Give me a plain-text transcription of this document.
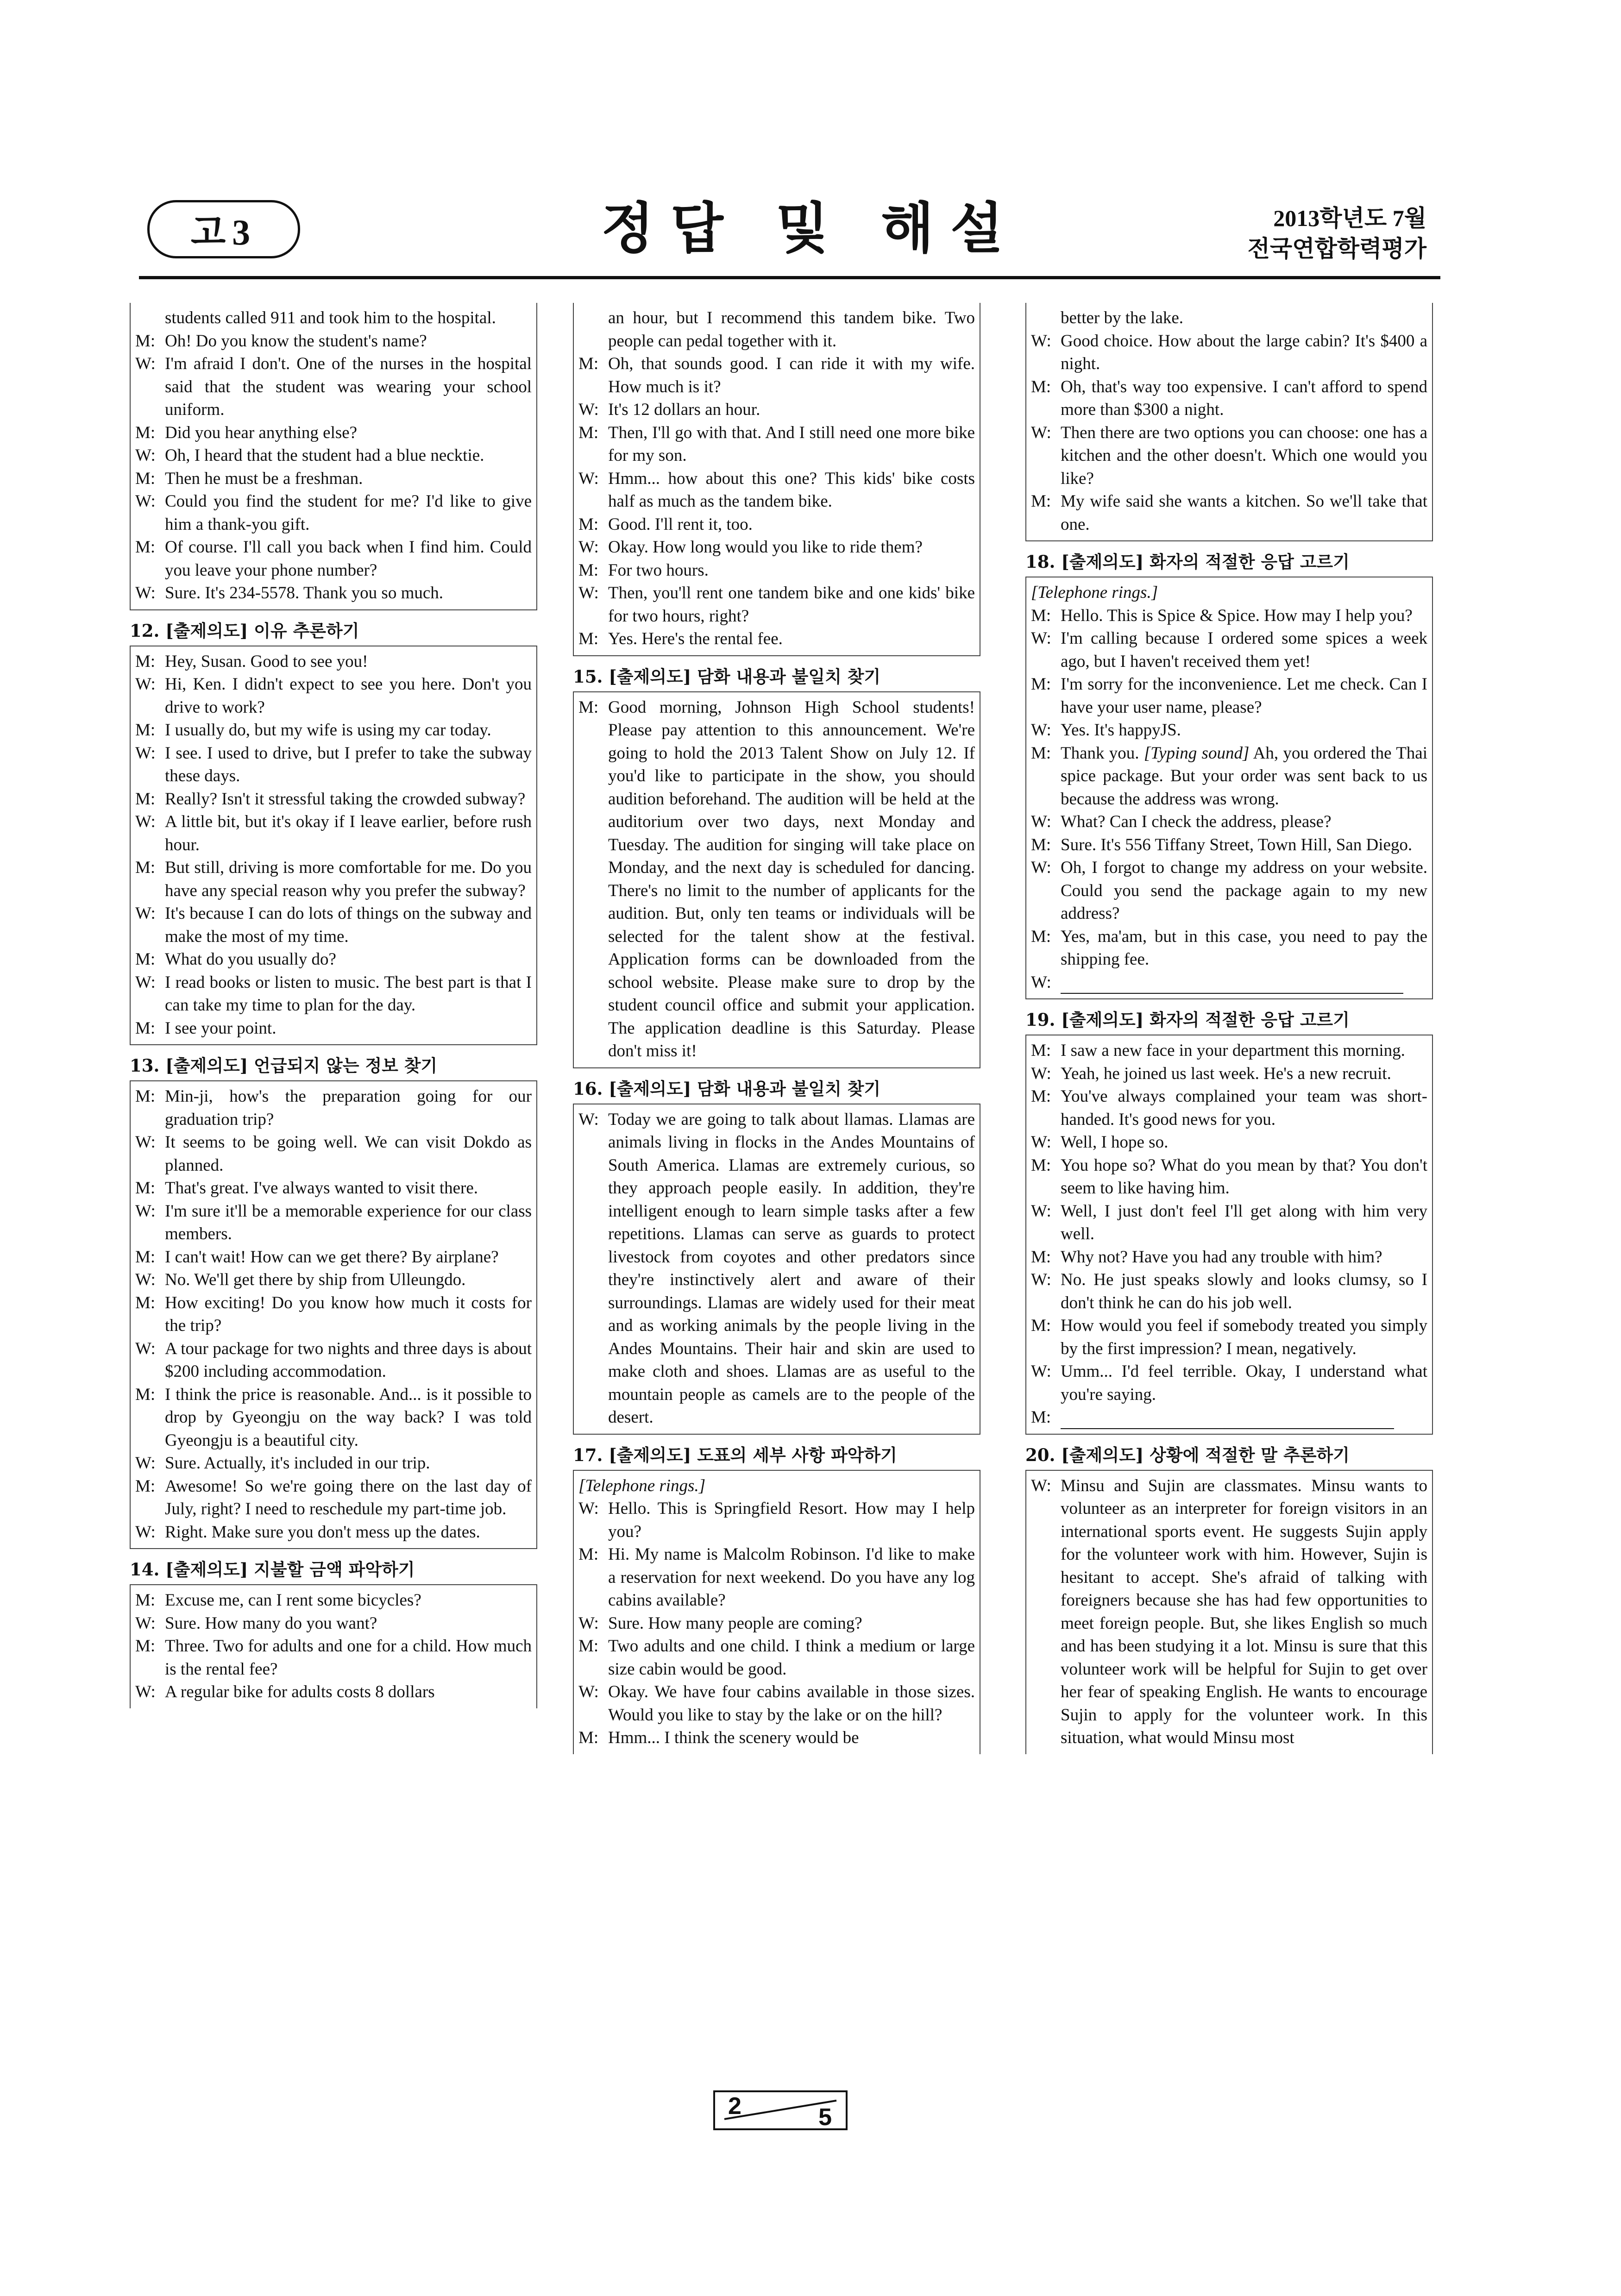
고3	정답 및 해설	2013학년도 7월
전국연합학력평가
students called 911 and took him to the hospital.
M: Oh! Do you know the student's name?
W: I'm afraid I don't. One of the nurses in the hospital said that the student was wearing your school uniform.
M: Did you hear anything else?
W: Oh, I heard that the student had a blue necktie.
M: Then he must be a freshman.
W: Could you find the student for me? I'd like to give him a thank-you gift.
M: Of course. I'll call you back when I find him. Could you leave your phone number?
W: Sure. It's 234-5578. Thank you so much.
12. [출제의도] 이유 추론하기
M: Hey, Susan. Good to see you!
W: Hi, Ken. I didn't expect to see you here. Don't you drive to work?
M: I usually do, but my wife is using my car today.
W: I see. I used to drive, but I prefer to take the subway these days.
M: Really? Isn't it stressful taking the crowded subway?
W: A little bit, but it's okay if I leave earlier, before rush hour.
M: But still, driving is more comfortable for me. Do you have any special reason why you prefer the subway?
W: It's because I can do lots of things on the subway and make the most of my time.
M: What do you usually do?
W: I read books or listen to music. The best part is that I can take my time to plan for the day.
M: I see your point.
13. [출제의도] 언급되지 않는 정보 찾기
M: Min-ji, how's the preparation going for our graduation trip?
W: It seems to be going well. We can visit Dokdo as planned.
M: That's great. I've always wanted to visit there.
W: I'm sure it'll be a memorable experience for our class members.
M: I can't wait! How can we get there? By airplane?
W: No. We'll get there by ship from Ulleungdo.
M: How exciting! Do you know how much it costs for the trip?
W: A tour package for two nights and three days is about $200 including accommodation.
M: I think the price is reasonable. And... is it possible to drop by Gyeongju on the way back? I was told Gyeongju is a beautiful city.
W: Sure. Actually, it's included in our trip.
M: Awesome! So we're going there on the last day of July, right? I need to reschedule my part-time job.
W: Right. Make sure you don't mess up the dates.
14. [출제의도] 지불할 금액 파악하기
M: Excuse me, can I rent some bicycles?
W: Sure. How many do you want?
M: Three. Two for adults and one for a child. How much is the rental fee?
W: A regular bike for adults costs 8 dollars
an hour, but I recommend this tandem bike. Two people can pedal together with it.
M: Oh, that sounds good. I can ride it with my wife. How much is it?
W: It's 12 dollars an hour.
M: Then, I'll go with that. And I still need one more bike for my son.
W: Hmm... how about this one? This kids' bike costs half as much as the tandem bike.
M: Good. I'll rent it, too.
W: Okay. How long would you like to ride them?
M: For two hours.
W: Then, you'll rent one tandem bike and one kids' bike for two hours, right?
M: Yes. Here's the rental fee.
15. [출제의도] 담화 내용과 불일치 찾기
M: Good morning, Johnson High School students! Please pay attention to this announcement. We're going to hold the 2013 Talent Show on July 12. If you'd like to participate in the show, you should audition beforehand. The audition will be held at the auditorium over two days, next Monday and Tuesday. The audition for singing will take place on Monday, and the next day is scheduled for dancing. There's no limit to the number of applicants for the audition. But, only ten teams or individuals will be selected for the talent show at the festival. Application forms can be downloaded from the school website. Please make sure to drop by the student council office and submit your application. The application deadline is this Saturday. Please don't miss it!
16. [출제의도] 담화 내용과 불일치 찾기
W: Today we are going to talk about llamas. Llamas are animals living in flocks in the Andes Mountains of South America. Llamas are extremely curious, so they approach people easily. In addition, they're intelligent enough to learn simple tasks after a few repetitions. Llamas can serve as guards to protect livestock from coyotes and other predators since they're instinctively alert and aware of their surroundings. Llamas are widely used for their meat and as working animals by the people living in the Andes Mountains. Their hair and skin are used to make cloth and shoes. Llamas are as useful to the mountain people as camels are to the people of the desert.
17. [출제의도] 도표의 세부 사항 파악하기
[Telephone rings.]
W: Hello. This is Springfield Resort. How may I help you?
M: Hi. My name is Malcolm Robinson. I'd like to make a reservation for next weekend. Do you have any log cabins available?
W: Sure. How many people are coming?
M: Two adults and one child. I think a medium or large size cabin would be good.
W: Okay. We have four cabins available in those sizes. Would you like to stay by the lake or on the hill?
M: Hmm... I think the scenery would be
better by the lake.
W: Good choice. How about the large cabin? It's $400 a night.
M: Oh, that's way too expensive. I can't afford to spend more than $300 a night.
W: Then there are two options you can choose: one has a kitchen and the other doesn't. Which one would you like?
M: My wife said she wants a kitchen. So we'll take that one.
18. [출제의도] 화자의 적절한 응답 고르기
[Telephone rings.]
M: Hello. This is Spice & Spice. How may I help you?
W: I'm calling because I ordered some spices a week ago, but I haven't received them yet!
M: I'm sorry for the inconvenience. Let me check. Can I have your user name, please?
W: Yes. It's happyJS.
M: Thank you. [Typing sound] Ah, you ordered the Thai spice package. But your order was sent back to us because the address was wrong.
W: What? Can I check the address, please?
M: Sure. It's 556 Tiffany Street, Town Hill, San Diego.
W: Oh, I forgot to change my address on your website. Could you send the package again to my new address?
M: Yes, ma'am, but in this case, you need to pay the shipping fee.
W:
19. [출제의도] 화자의 적절한 응답 고르기
M: I saw a new face in your department this morning.
W: Yeah, he joined us last week. He's a new recruit.
M: You've always complained your team was short-handed. It's good news for you.
W: Well, I hope so.
M: You hope so? What do you mean by that? You don't seem to like having him.
W: Well, I just don't feel I'll get along with him very well.
M: Why not? Have you had any trouble with him?
W: No. He just speaks slowly and looks clumsy, so I don't think he can do his job well.
M: How would you feel if somebody treated you simply by the first impression? I mean, negatively.
W: Umm... I'd feel terrible. Okay, I understand what you're saying.
M:
20. [출제의도] 상황에 적절한 말 추론하기
W: Minsu and Sujin are classmates. Minsu wants to volunteer as an interpreter for foreign visitors in an international sports event. He suggests Sujin apply for the volunteer work with him. However, Sujin is hesitant to accept. She's afraid of talking with foreigners because she has had few opportunities to meet foreign people. But, she likes English so much and has been studying it a lot. Minsu is sure that this volunteer work will be helpful for Sujin to get over her fear of speaking English. He wants to encourage Sujin to apply for the volunteer work. In this situation, what would Minsu most
2	5
